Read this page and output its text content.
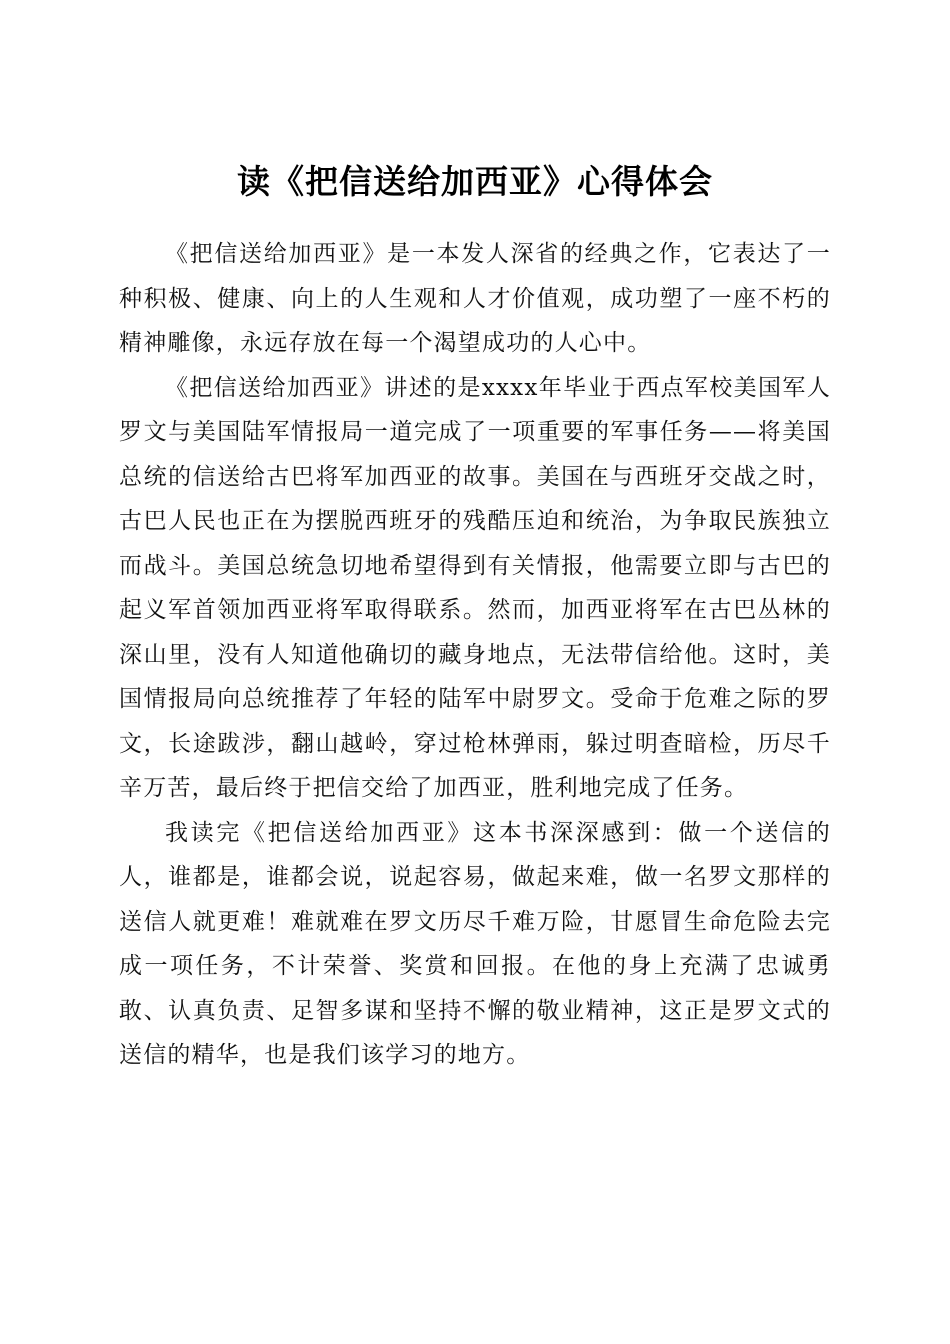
读《把信送给加西亚》心得体会

《把信送给加西亚》是一本发人深省的经典之作，它表达了一种积极、健康、向上的人生观和人才价值观，成功塑了一座不朽的精神雕像，永远存放在每一个渴望成功的人心中。

《把信送给加西亚》讲述的是xxxx年毕业于西点军校美国军人罗文与美国陆军情报局一道完成了一项重要的军事任务——将美国总统的信送给古巴将军加西亚的故事。美国在与西班牙交战之时，古巴人民也正在为摆脱西班牙的残酷压迫和统治，为争取民族独立而战斗。美国总统急切地希望得到有关情报，他需要立即与古巴的起义军首领加西亚将军取得联系。然而，加西亚将军在古巴丛林的深山里，没有人知道他确切的藏身地点，无法带信给他。这时，美国情报局向总统推荐了年轻的陆军中尉罗文。受命于危难之际的罗文，长途跋涉，翻山越岭，穿过枪林弹雨，躲过明查暗检，历尽千辛万苦，最后终于把信交给了加西亚，胜利地完成了任务。

我读完《把信送给加西亚》这本书深深感到：做一个送信的人，谁都是，谁都会说，说起容易，做起来难，做一名罗文那样的送信人就更难！难就难在罗文历尽千难万险，甘愿冒生命危险去完成一项任务，不计荣誉、奖赏和回报。在他的身上充满了忠诚勇敢、认真负责、足智多谋和坚持不懈的敬业精神，这正是罗文式的送信的精华，也是我们该学习的地方。
